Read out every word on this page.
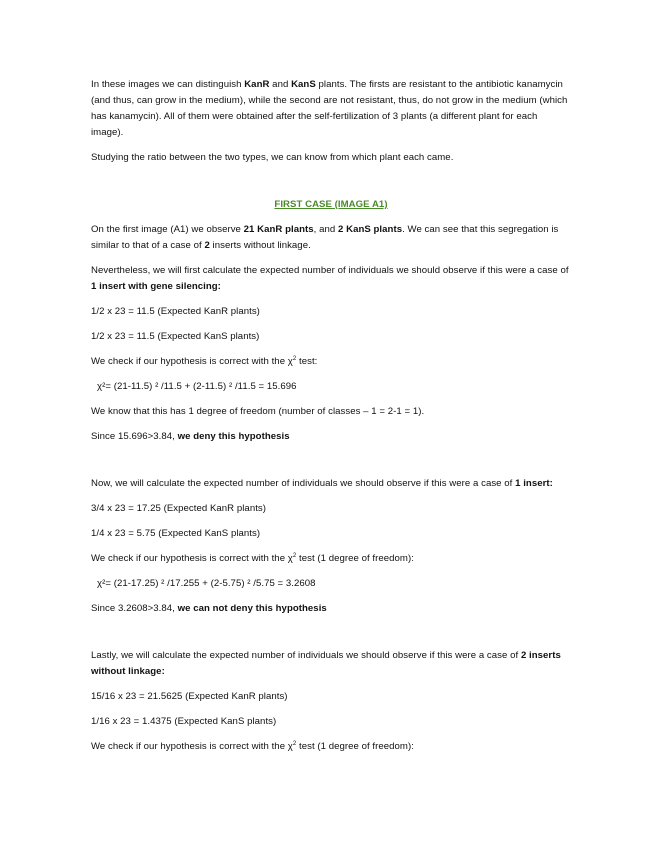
In these images we can distinguish KanR and KanS plants. The firsts are resistant to the antibiotic kanamycin (and thus, can grow in the medium), while the second are not resistant, thus, do not grow in the medium (which has kanamycin). All of them were obtained after the self-fertilization of 3 plants (a different plant for each image).

Studying the ratio between the two types, we can know from which plant each came.

FIRST CASE (IMAGE A1)

On the first image (A1) we observe 21 KanR plants, and 2 KanS plants. We can see that this segregation is similar to that of a case of 2 inserts without linkage.

Nevertheless, we will first calculate the expected number of individuals we should observe if this were a case of 1 insert with gene silencing:

1/2 x 23 = 11.5 (Expected KanR plants)

1/2 x 23 = 11.5 (Expected KanS plants)

We check if our hypothesis is correct with the $\chi^2$ test:

χ²= (21-11.5) ² /11.5 + (2-11.5) ² /11.5 = 15.696

We know that this has 1 degree of freedom (number of classes – 1 = 2-1 = 1).

Since 15.696>3.84, we deny this hypothesis

Now, we will calculate the expected number of individuals we should observe if this were a case of 1 insert:

3/4 x 23 = 17.25 (Expected KanR plants)

1/4 x 23 = 5.75 (Expected KanS plants)

We check if our hypothesis is correct with the $\chi^2$ test (1 degree of freedom):

χ²= (21-17.25) ² /17.255 + (2-5.75) ² /5.75 = 3.2608

Since 3.2608>3.84, we can not deny this hypothesis

Lastly, we will calculate the expected number of individuals we should observe if this were a case of 2 inserts without linkage:

15/16 x 23 = 21.5625 (Expected KanR plants)

1/16 x 23 = 1.4375 (Expected KanS plants)

We check if our hypothesis is correct with the $\chi^2$ test (1 degree of freedom):
